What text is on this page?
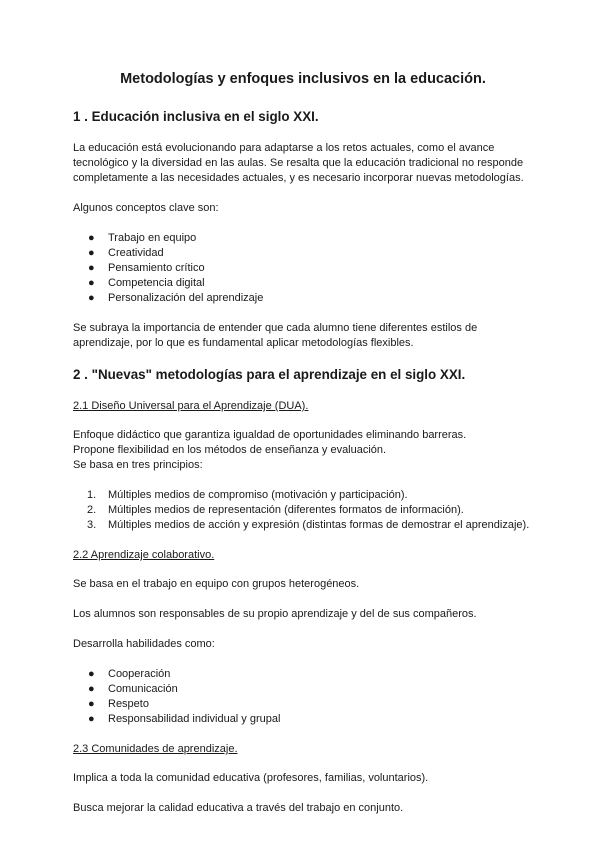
Metodologías y enfoques inclusivos en la educación.
1 . Educación inclusiva en el siglo XXI.

La educación está evolucionando para adaptarse a los retos actuales, como el avance tecnológico y la diversidad en las aulas. Se resalta que la educación tradicional no responde completamente a las necesidades actuales, y es necesario incorporar nuevas metodologías.

Algunos conceptos clave son:

● Trabajo en equipo
● Creatividad
● Pensamiento crítico
● Competencia digital
● Personalización del aprendizaje

Se subraya la importancia de entender que cada alumno tiene diferentes estilos de aprendizaje, por lo que es fundamental aplicar metodologías flexibles.

2 . "Nuevas" metodologías para el aprendizaje en el siglo XXI.
2.1 Diseño Universal para el Aprendizaje (DUA).

Enfoque didáctico que garantiza igualdad de oportunidades eliminando barreras.

Propone flexibilidad en los métodos de enseñanza y evaluación.

Se basa en tres principios:

1. Múltiples medios de compromiso (motivación y participación).
2. Múltiples medios de representación (diferentes formatos de información).
3. Múltiples medios de acción y expresión (distintas formas de demostrar el aprendizaje).
2.2 Aprendizaje colaborativo.

Se basa en el trabajo en equipo con grupos heterogéneos.

Los alumnos son responsables de su propio aprendizaje y del de sus compañeros.

Desarrolla habilidades como:

● Cooperación
● Comunicación
● Respeto
● Responsabilidad individual y grupal
2.3 Comunidades de aprendizaje.

Implica a toda la comunidad educativa (profesores, familias, voluntarios).

Busca mejorar la calidad educativa a través del trabajo en conjunto.
